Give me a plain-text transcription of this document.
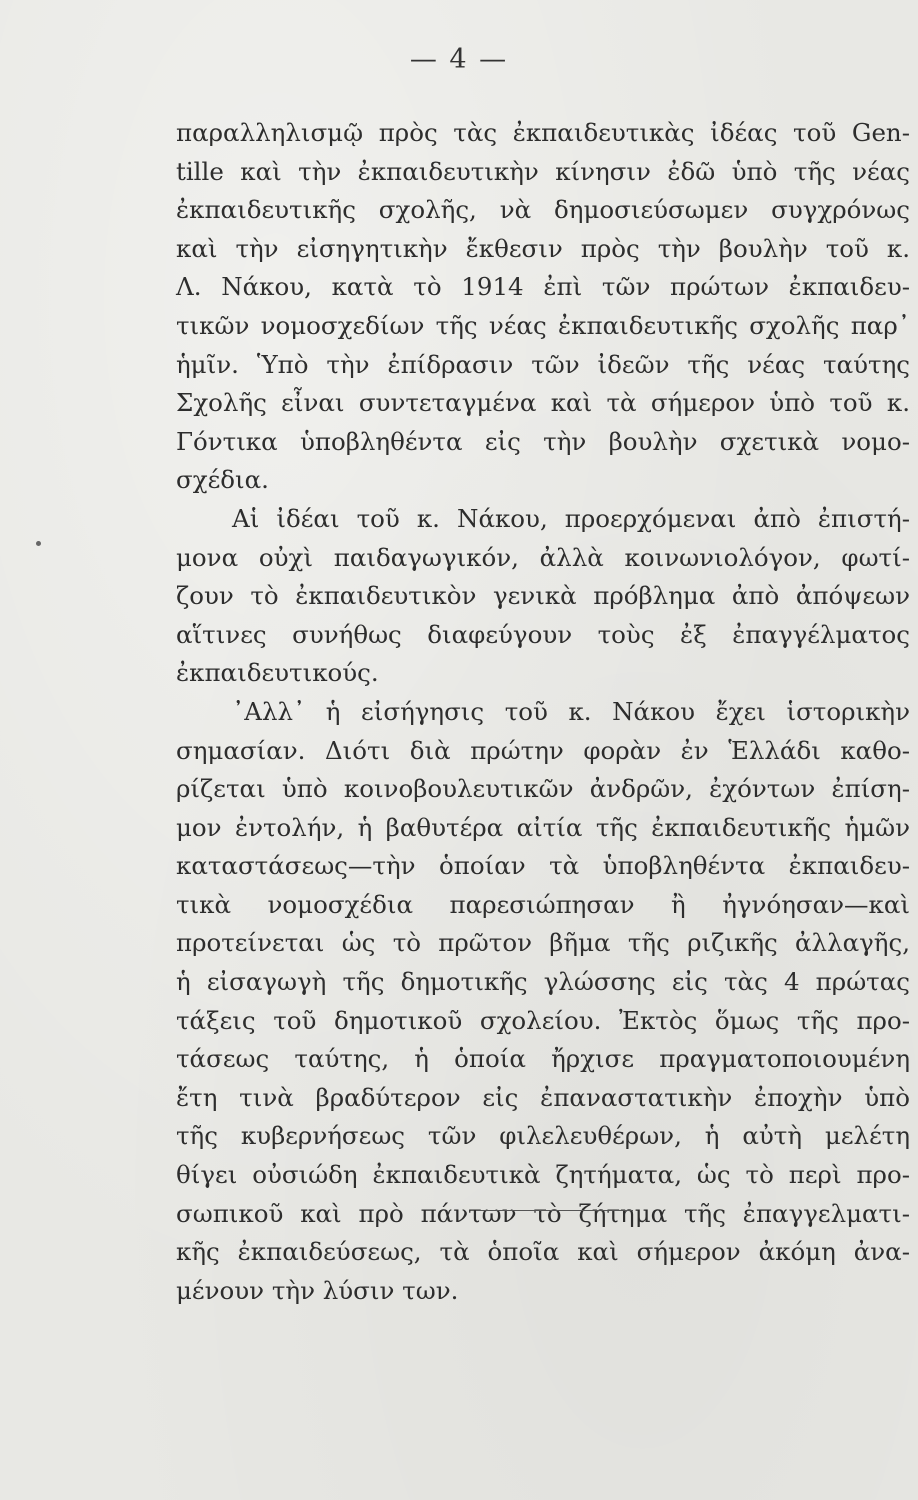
— 4 —
παραλληλισμῷ πρὸς τὰς ἐκπαιδευτικὰς ἰδέας τοῦ Gen-
tille καὶ τὴν ἐκπαιδευτικὴν κίνησιν ἐδῶ ὑπὸ τῆς νέας
ἐκπαιδευτικῆς σχολῆς, νὰ δημοσιεύσωμεν συγχρόνως
καὶ τὴν εἰσηγητικὴν ἔκθεσιν πρὸς τὴν βουλὴν τοῦ κ.
Λ. Νάκου, κατὰ τὸ 1914 ἐπὶ τῶν πρώτων ἐκπαιδευ-
τικῶν νομοσχεδίων τῆς νέας ἐκπαιδευτικῆς σχολῆς παρ᾿
ἡμῖν. Ὑπὸ τὴν ἐπίδρασιν τῶν ἰδεῶν τῆς νέας ταύτης
Σχολῆς εἶναι συντεταγμένα καὶ τὰ σήμερον ὑπὸ τοῦ κ.
Γόντικα ὑποβληθέντα εἰς τὴν βουλὴν σχετικὰ νομο-
σχέδια.
Αἱ ἰδέαι τοῦ κ. Νάκου, προερχόμεναι ἀπὸ ἐπιστή-
μονα οὐχὶ παιδαγωγικόν, ἀλλὰ κοινωνιολόγον, φωτί-
ζουν τὸ ἐκπαιδευτικὸν γενικὰ πρόβλημα ἀπὸ ἀπόψεων
αἵτινες συνήθως διαφεύγουν τοὺς ἐξ ἐπαγγέλματος
ἐκπαιδευτικούς.
᾿Αλλ᾿ ἡ εἰσήγησις τοῦ κ. Νάκου ἔχει ἱστορικὴν
σημασίαν. Διότι διὰ πρώτην φορὰν ἐν Ἑλλάδι καθο-
ρίζεται ὑπὸ κοινοβουλευτικῶν ἀνδρῶν, ἐχόντων ἐπίση-
μον ἐντολήν, ἡ βαθυτέρα αἰτία τῆς ἐκπαιδευτικῆς ἡμῶν
καταστάσεως—τὴν ὁποίαν τὰ ὑποβληθέντα ἐκπαιδευ-
τικὰ νομοσχέδια παρεσιώπησαν ἢ ἠγνόησαν—καὶ
προτείνεται ὡς τὸ πρῶτον βῆμα τῆς ριζικῆς ἀλλαγῆς,
ἡ εἰσαγωγὴ τῆς δημοτικῆς γλώσσης εἰς τὰς 4 πρώτας
τάξεις τοῦ δημοτικοῦ σχολείου. Ἐκτὸς ὅμως τῆς προ-
τάσεως ταύτης, ἡ ὁποία ἤρχισε πραγματοποιουμένη
ἔτη τινὰ βραδύτερον εἰς ἐπαναστατικὴν ἐποχὴν ὑπὸ
τῆς κυβερνήσεως τῶν φιλελευθέρων, ἡ αὐτὴ μελέτη
θίγει οὐσιώδη ἐκπαιδευτικὰ ζητήματα, ὡς τὸ περὶ προ-
σωπικοῦ καὶ πρὸ πάντων τὸ ζήτημα τῆς ἐπαγγελματι-
κῆς ἐκπαιδεύσεως, τὰ ὁποῖα καὶ σήμερον ἀκόμη ἀνα-
μένουν τὴν λύσιν των.
